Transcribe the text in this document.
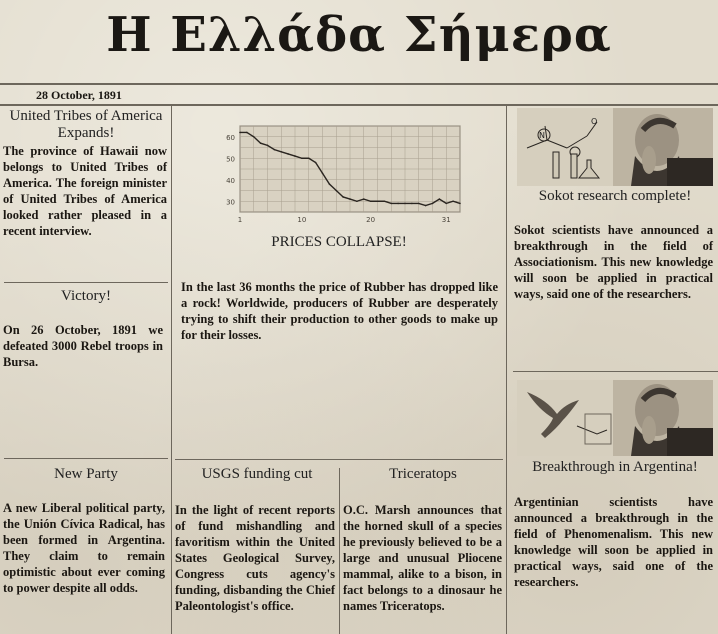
Η Ελλάδα Σήμερα
28 October, 1891
United Tribes of America Expands!
The province of Hawaii now belongs to United Tribes of America. The foreign minister of United Tribes of America looked rather pleased in a recent interview.
Victory!
On 26 October, 1891 we defeated 3000 Rebel troops in Bursa.
New Party
A new Liberal political party, the Unión Cívica Radical, has been formed in Argentina. They claim to remain optimistic about ever coming to power despite all odds.
30
40
50
60
1	10	20	31
PRICES COLLAPSE!
In the last 36 months the price of Rubber has dropped like a rock! Worldwide, producers of Rubber are desperately trying to shift their production to other goods to make up for their losses.
USGS funding cut
In the light of recent reports of fund mishandling and favoritism within the United States Geological Survey, Congress cuts agency's funding, disbanding the Chief Paleontologist's office.
Triceratops
O.C. Marsh announces that the horned skull of a species he previously believed to be a large and unusual Pliocene mammal, alike to a bison, in fact belongs to a dinosaur he names Triceratops.
N
O
Sokot research complete!
Sokot scientists have announced a breakthrough in the field of Associationism. This new knowledge will soon be applied in practical ways, said one of the researchers.
Breakthrough in Argentina!
Argentinian scientists have announced a breakthrough in the field of Phenomenalism. This new knowledge will soon be applied in practical ways, said one of the researchers.
